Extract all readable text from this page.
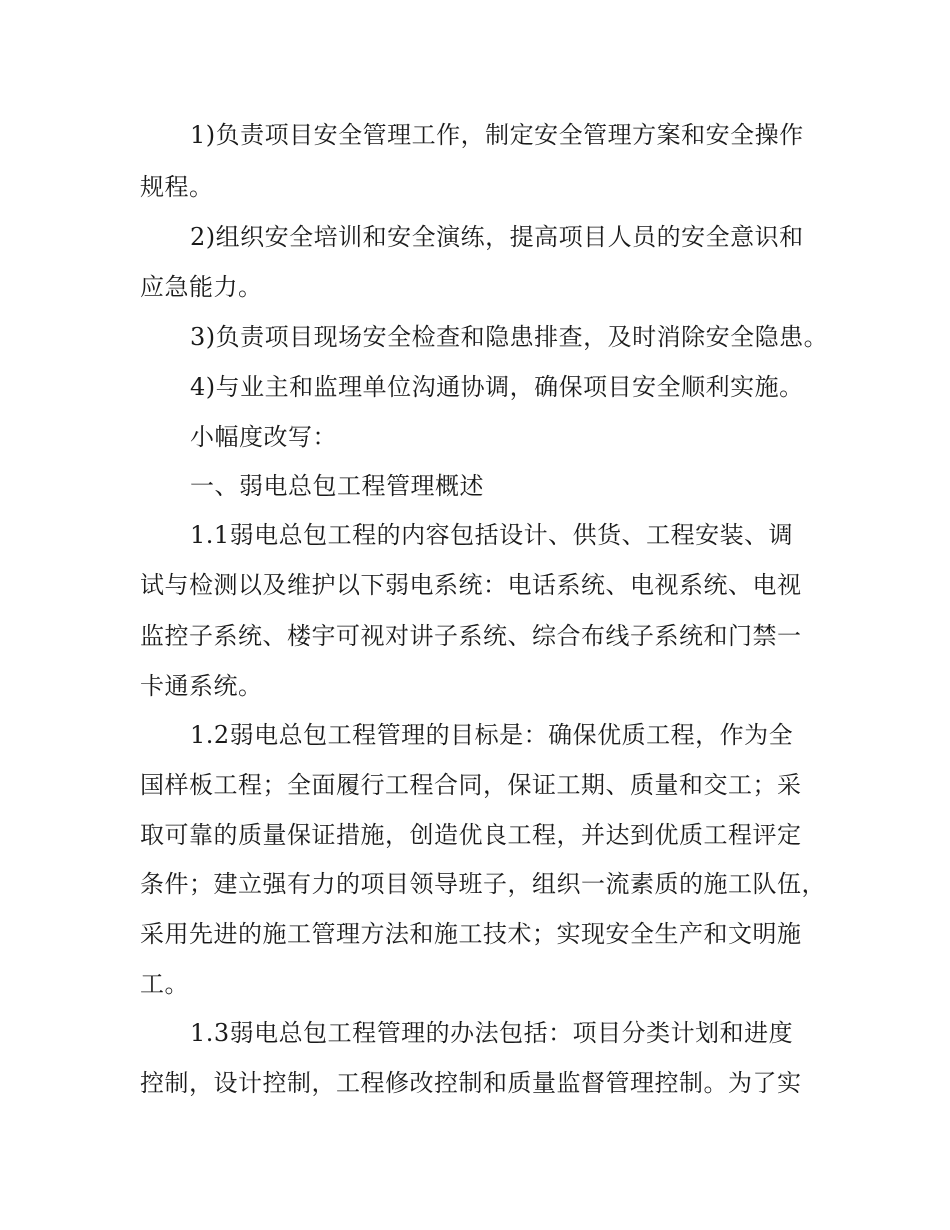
1)负责项目安全管理工作，制定安全管理方案和安全操作
规程。
2)组织安全培训和安全演练，提高项目人员的安全意识和
应急能力。
3)负责项目现场安全检查和隐患排查，及时消除安全隐患。
4)与业主和监理单位沟通协调，确保项目安全顺利实施。
小幅度改写：
一、弱电总包工程管理概述
1.1弱电总包工程的内容包括设计、供货、工程安装、调
试与检测以及维护以下弱电系统：电话系统、电视系统、电视
监控子系统、楼宇可视对讲子系统、综合布线子系统和门禁一
卡通系统。
1.2弱电总包工程管理的目标是：确保优质工程，作为全
国样板工程；全面履行工程合同，保证工期、质量和交工；采
取可靠的质量保证措施，创造优良工程，并达到优质工程评定
条件；建立强有力的项目领导班子，组织一流素质的施工队伍，
采用先进的施工管理方法和施工技术；实现安全生产和文明施
工。
1.3弱电总包工程管理的办法包括：项目分类计划和进度
控制，设计控制，工程修改控制和质量监督管理控制。为了实
